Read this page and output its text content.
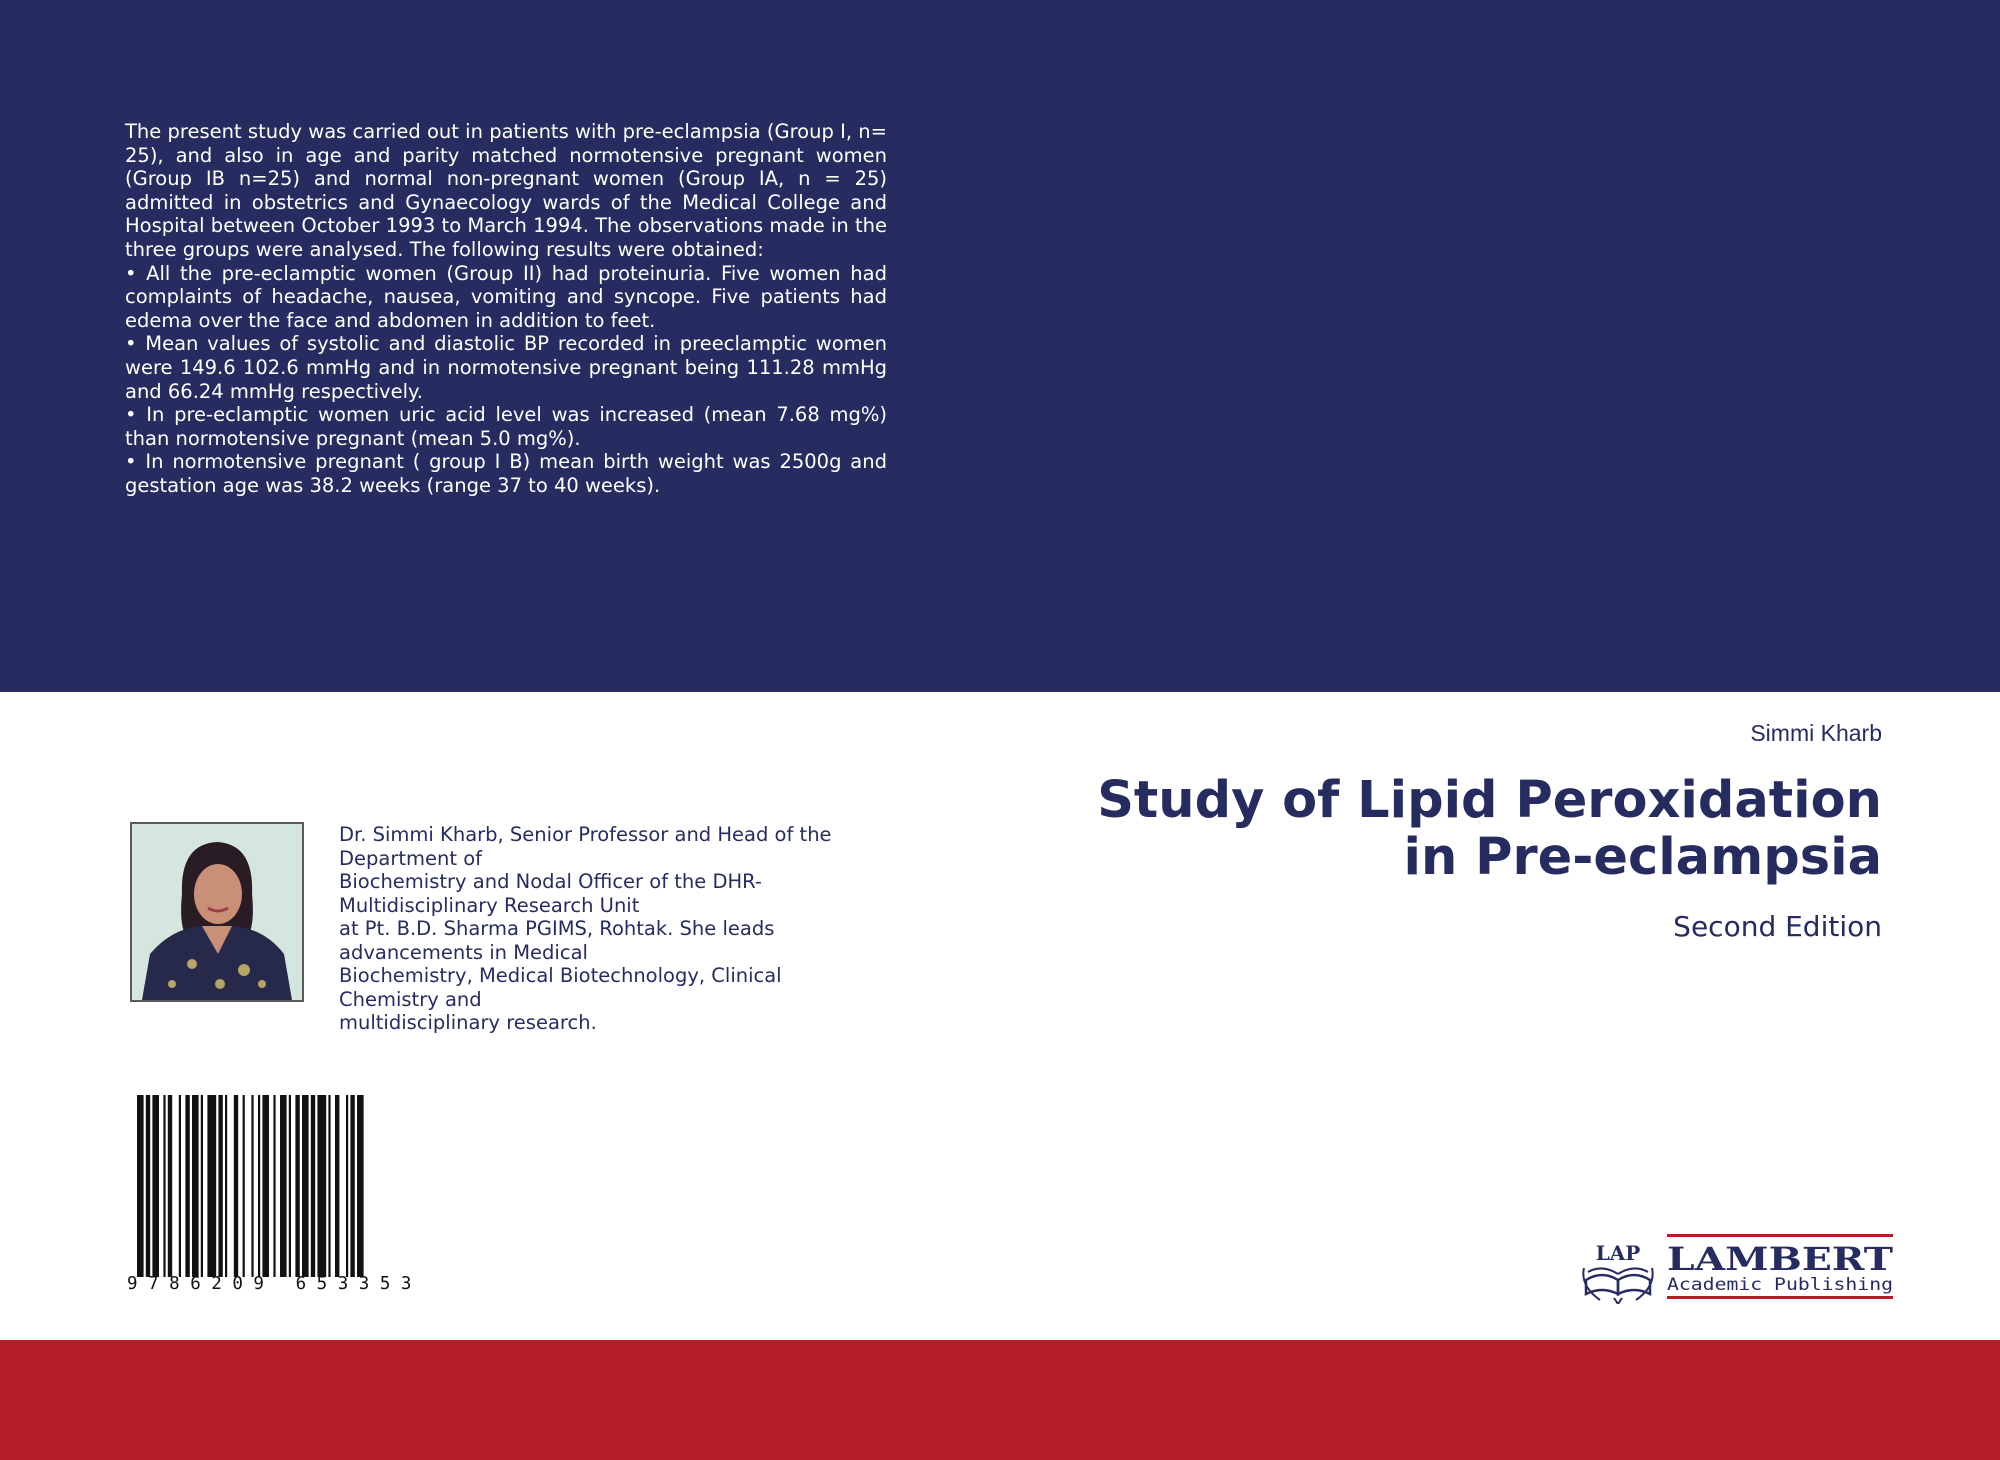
The present study was carried out in patients with pre-eclampsia (Group I, n= 25), and also in age and parity matched normotensive pregnant women (Group IB n=25) and normal non-pregnant women (Group IA, n = 25) admitted in obstetrics and Gynaecology wards of the Medical College and Hospital between October 1993 to March 1994. The observations made in the three groups were analysed. The following results were obtained:

• All the pre-eclamptic women (Group II) had proteinuria. Five women had complaints of headache, nausea, vomiting and syncope. Five patients had edema over the face and abdomen in addition to feet.

• Mean values of systolic and diastolic BP recorded in preeclamptic women were 149.6 102.6 mmHg and in normotensive pregnant being 111.28 mmHg and 66.24 mmHg respectively.

• In pre-eclamptic women uric acid level was increased (mean 7.68 mg%) than normotensive pregnant (mean 5.0 mg%).

• In normotensive pregnant ( group I B) mean birth weight was 2500g and gestation age was 38.2 weeks (range 37 to 40 weeks).

Simmi Kharb
Study of Lipid Peroxidation
in Pre-eclampsia
Second Edition
Dr. Simmi Kharb, Senior Professor and Head of the Department of
Biochemistry and Nodal Officer of the DHR-Multidisciplinary Research Unit
at Pt. B.D. Sharma PGIMS, Rohtak. She leads advancements in Medical
Biochemistry, Medical Biotechnology, Clinical Chemistry and
multidisciplinary research.
9 7 8 6 2 0 9   6 5 3 3 5 3
LAP LAMBERT
Academic Publishing
